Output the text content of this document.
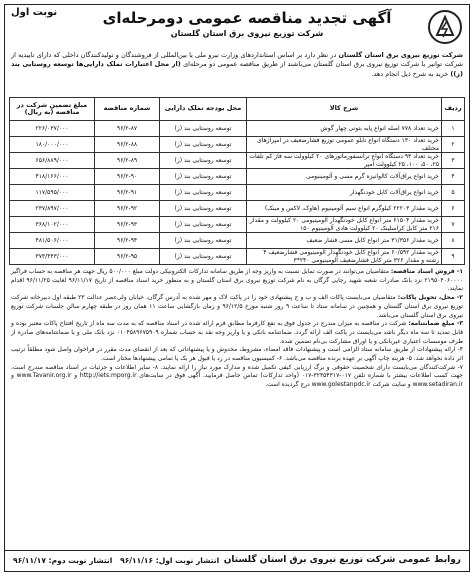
آگهی تجدید مناقصه عمومی دومرحله‌ای
شرکت توزیع نیروی برق استان گلستان
نوبت اول
شرکت توزیع نیروی برق استان گلستان در نظر دارد بر اساس استانداردهای وزارت نیرو ملی یا بین‌المللی از فروشندگان و تولیدکنندگان داخلی که دارای تاییدیه از شرکت توانیر یا شرکت توزیع نیروی برق استان گلستان می‌باشند از طریق مناقصه عمومی دو مرحله‌ای (از محل اعتبارات تملک دارایی‌ها توسعه روستایی بند (ز)) خرید به شرح ذیل انجام دهد.
ردیف	شرح کالا	محل بودجه تملک دارایی	شماره مناقصه	مبلغ تضمین شرکت در مناقصه (به ریال)
۱	خرید تعداد ۷۷۸ اصله انواع پایه بتونی چهار گوش	توسعه روستایی بند (ز)	۹۶/۲-۸۷	۲۲۶/۰۳۷/۰۰۰
۲	خرید تعداد ۱۳۰ دستگاه انواع تابلو عمومی توزیع فشارضعیف در امپراژهای مختلف	توسعه روستایی بند (ز)	۹۶/۲-۸۸	۱۸۰/۰۰۰/۰۰۰
۳	خرید تعداد ۹۳ دستگاه انواع ترانسفورماتورهای ۲۰ کیلوولت سه فاز کم تلفات ۲۵، ۵۰، ۱۰۰، ۲۵ کیلوولت آمپر	توسعه روستایی بند (ز)	۹۶/۲-۸۹	۶۵۶/۸۸۹/۰۰۰
۴	خرید انواع یراق‌آلات کالوانیزه گرم مسی و آلومینیومی	توسعه روستایی بند (ز)	۹۶/۲-۹۰	۴۱۸/۱۶۶/۰۰۰
۵	خرید انواع یراق‌آلات کابل خودنگهدار	توسعه روستایی بند (ز)	۹۶/۲-۹۱	۱۱۷/۵۹۵/۰۰۰
۶	خرید مقدار ۲۲۲۰۳ کیلوگرم انواع سیم آلومینیوم (هاوک، لاکس و مینک)	توسعه روستایی بند (ز)	۹۶/۲-۹۲	۲۳۷/۸۹۷/۰۰۰
۷	خرید مقدار ۶۱۵۰۴ متر انواع کابل خودنگهدار آلومینیومی ۲۰ کیلوولت و مقدار ۲۱۶ متر کابل کراسلینک ۲۰ کیلوولت هادی آلومینیوم ۱۵۰	توسعه روستایی بند (ز)	۹۶/۲-۹۳	۳۶۸/۱۰۲/۰۰۰
۸	خرید مقدار ۳۱/۳۵۶ متر انواع کابل مسی فشار ضعیف	توسعه روستایی بند (ز)	۹۶/۲-۹۴	۴۸۱/۵۰۶/۰۰۰
۹	خرید مقدار ۶۰/۵۹۲ متر انواع کابل خودنگهدار آلومینیومی فشارضعیف ۴ رشته و مقدار ۳۲۶ متر کابل فشارضعیف آلومینیومی ۲۴۰*۳	توسعه روستایی بند (ز)	۹۶/۲-۹۵	۳۷۳/۴۴۳/۰۰۰

۱- فروش اسناد مناقصه: متقاضیان می‌توانند در صورت تمایل نسبت به واریز وجه از طریق سامانه تدارکات الکترونیکی دولت مبلغ ۵۰۰/۰۰۰ ریال جهت هر مناقصه به حساب فراگیر ۲۱۹۵۰۴۰۶۰۰۰۰ نزد بانک صادرات شعبه شهید رجایی گرگان به نام شرکت توزیع نیروی برق استان گلستان و به منظور خرید اسناد مناقصه از تاریخ ۹۶/۱۱/۱۷ لغایت ۹۶/۱۱/۲۵ اقدام نمایند.

۲- محل، تحویل پاکات: متقاضیان می‌بایست پاکات الف و ب و ج پیشنهادی خود را در پاکت لاک و مهر شده به آدرس گرگان، خیابان ولی‌عصر عدالت ۲۳ طبقه اول دبیرخانه شرکت توزیع نیروی برق استان گلستان و همچنین در سامانه ستاد تا ساعت ۹ روز شنبه مورخ ۹۶/۱۲/۵ و زمان بازگشایی ساعت ۱۱ همان روز در طبقه چهارم سالن جلسات شرکت توزیع نیروی برق استان گلستان می‌باشد.

۳- مبلغ ضمانتنامه: شرکت در مناقصه به میزان مندرج در جدول فوق به نفع کارفرما مطابق فرم ارائه شده در اسناد مناقصه که به مدت سه ماه از تاریخ افتتاح پاکات معتبر بوده و قابل تمدید تا سه ماه دیگر باشد می‌بایست در پاکت الف ارائه گردد. ضمانتنامه بانکی و یا واریز وجه نقد به حساب شماره ۰۱۰۴۵۸۹۶۷۵۹۰۹ نزد بانک ملی و یا ضمانتنامه‌های صادره از طرف موسسات اعتباری غیربانکی و یا اوراق مشارکت بی‌نام تضمین شده.

۴- ارائه پیشنهادات از طریق سامانه ستاد الزامی است و پیشنهادات فاقد امضاء، مشروط، مخدوش و یا پیشنهاداتی که بعد از انقضای مدت مقرر در فراخوان واصل شود مطلقاً ترتیب اثر داده نخواهد شد. ۵- هزینه چاپ آگهی بر عهده برنده مناقصه می‌باشد. ۶- کمیسیون مناقصه در رد یا قبول هر یک یا تمامی پیشنهادها مختار است.

۷- شرکت‌کنندگان می‌بایست دارای شخصیت حقوقی و برگ ارزیابی کیفی تکمیل شده و مدارک مورد نیاز را ارائه نمایند. ۸- سایر اطلاعات و جزئیات در اسناد مناقصه مندرج است. جهت کسب اطلاعات بیشتر با شماره تلفن ۰۱۷-۳۲۴۵۴۳۱۷-۰۱۷ (واحد تدارکات) تماس حاصل فرمایید. آگهی فوق در سایت‌های http://iets.mporg.ir و www.Tavanir.org.ir و www.setadiran.ir و سایت شرکت www.golestanpdc.ir درج گردیده است.

روابط عمومی شرکت توزیع نیروی برق استان گلستان
انتشار نوبت اول: ۹۶/۱۱/۱۶   انتشار نوبت دوم: ۹۶/۱۱/۱۷
